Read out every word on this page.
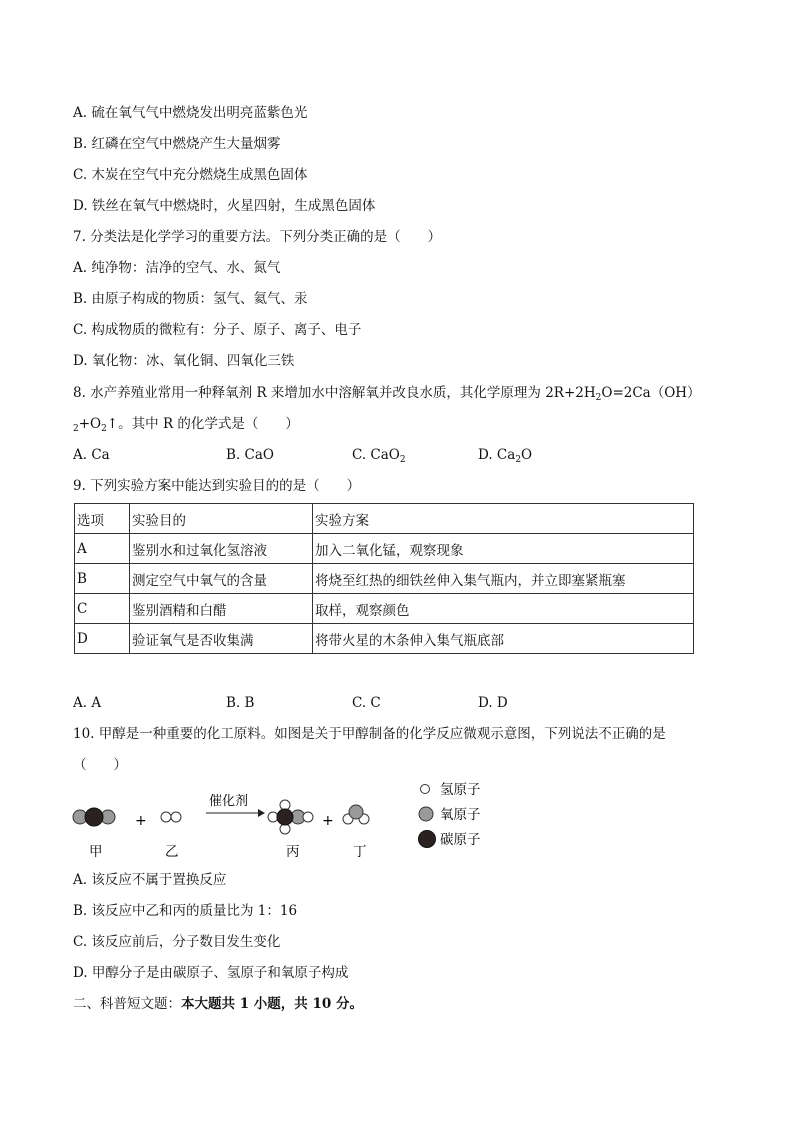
A. 硫在氧气气中燃烧发出明亮蓝紫色光
B. 红磷在空气中燃烧产生大量烟雾
C. 木炭在空气中充分燃烧生成黑色固体
D. 铁丝在氧气中燃烧时，火星四射，生成黑色固体
7. 分类法是化学学习的重要方法。下列分类正确的是（　　）
A. 纯净物：洁净的空气、水、氮气
B. 由原子构成的物质：氢气、氦气、汞
C. 构成物质的微粒有：分子、原子、离子、电子
D. 氧化物：冰、氧化铜、四氧化三铁
8. 水产养殖业常用一种释氧剂 R 来增加水中溶解氧并改良水质，其化学原理为 $2R+2H_2O=2Ca(OH)$
$_2+O_2↑$。其中 R 的化学式是（　　）
A. Ca	B. CaO	C. CaO$_2$	D. $Ca_2O$
9. 下列实验方案中能达到实验目的的是（　　）
选项	实验目的	实验方案
A	鉴别水和过氧化氢溶液	加入二氧化锰，观察现象
B	测定空气中氧气的含量	将烧至红热的细铁丝伸入集气瓶内，并立即塞紧瓶塞
C	鉴别酒精和白醋	取样，观察颜色
D	验证氧气是否收集满	将带火星的木条伸入集气瓶底部
A. A	B. B	C. C	D. D
10. 甲醇是一种重要的化工原料。如图是关于甲醇制备的化学反应微观示意图，下列说法不正确的是
（　　）
+
催化剂
+
甲	乙	丙	丁
氢原子
氧原子
碳原子
A. 该反应不属于置换反应
B. 该反应中乙和丙的质量比为 1：16
C. 该反应前后，分子数目发生变化
D. 甲醇分子是由碳原子、氢原子和氧原子构成
二、科普短文题：本大题共 1 小题，共 10 分。
